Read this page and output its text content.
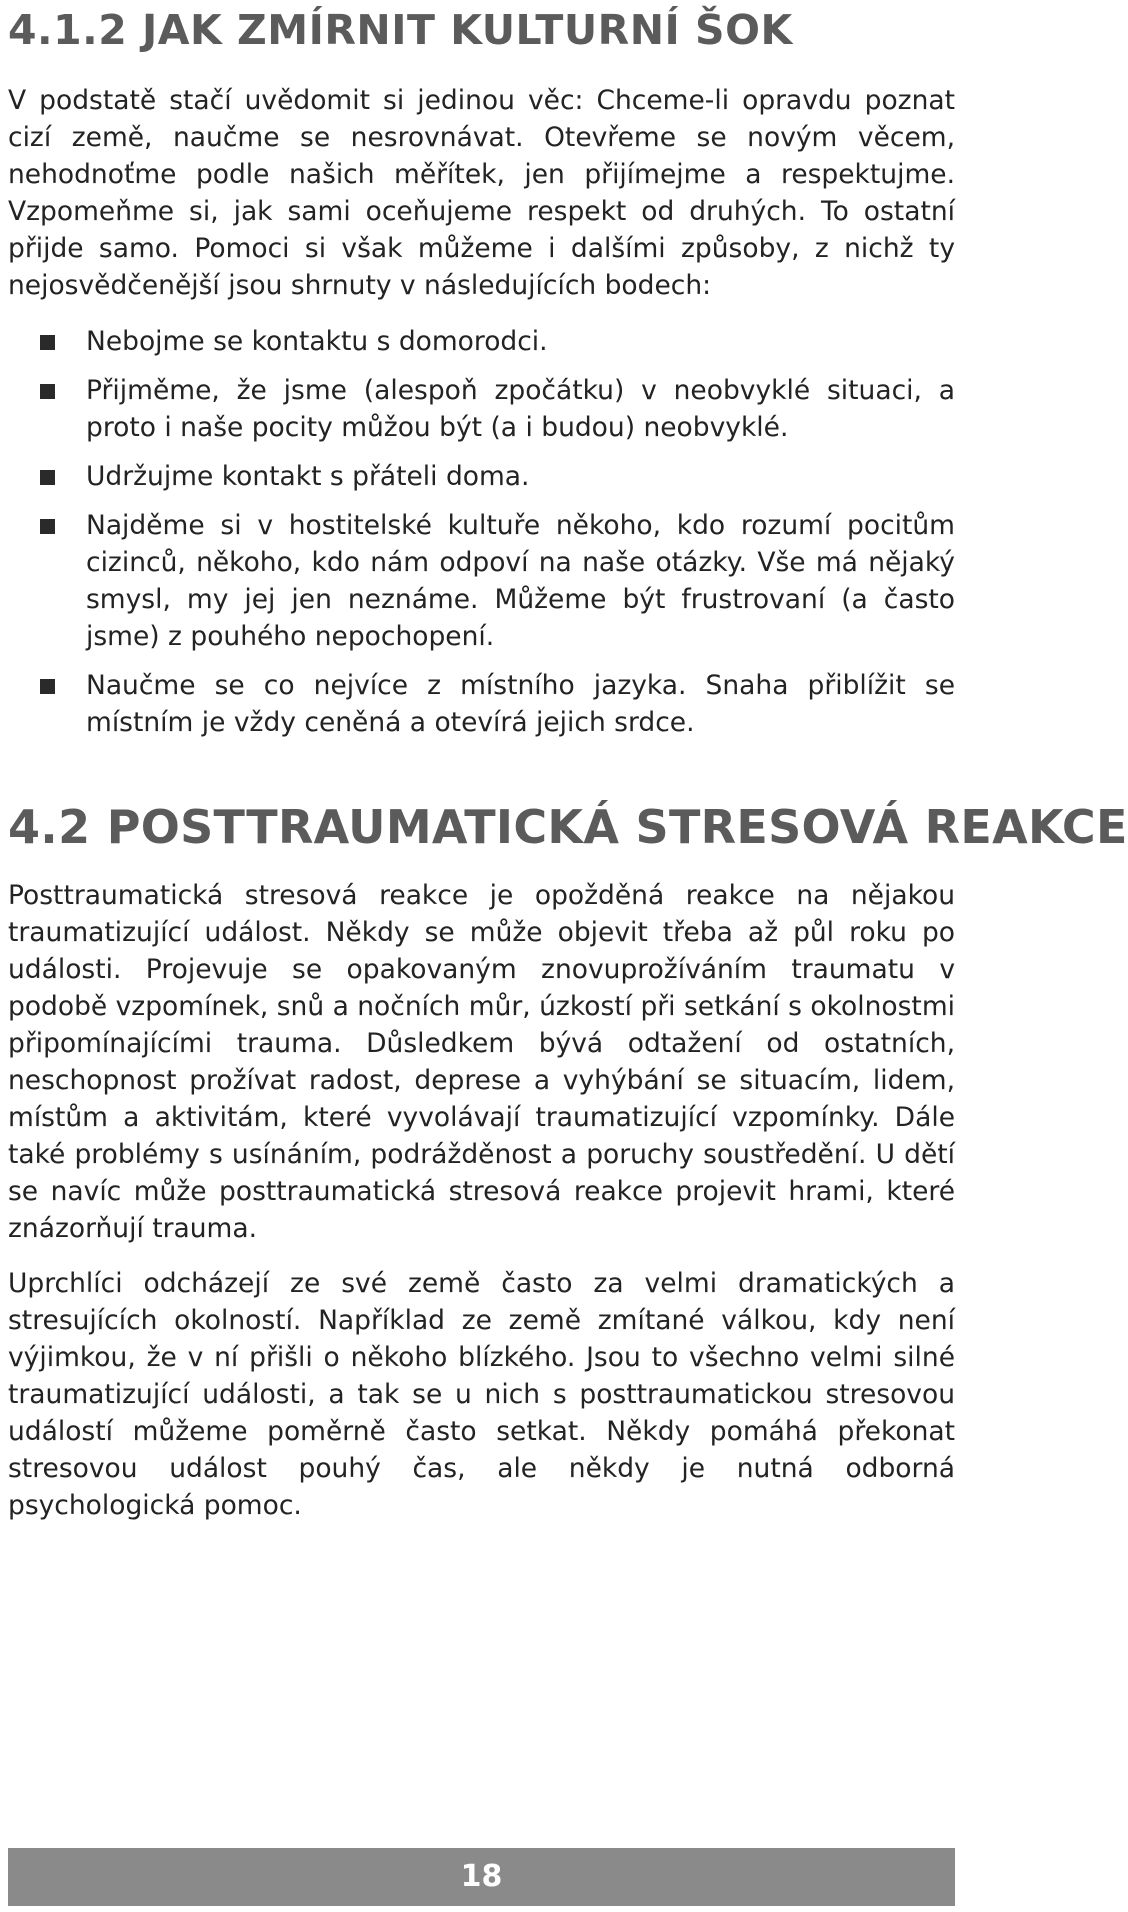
4.1.2 JAK ZMÍRNIT KULTURNÍ ŠOK

V podstatě stačí uvědomit si jedinou věc: Chceme-li opravdu poznat cizí země, naučme se nesrovnávat. Otevřeme se novým věcem, nehodnoťme podle našich měřítek, jen přijímejme a respektujme. Vzpomeňme si, jak sami oceňujeme respekt od druhých. To ostatní přijde samo. Pomoci si však můžeme i dalšími způsoby, z nichž ty nejosvědčenější jsou shrnuty v následujících bodech:

Nebojme se kontaktu s domorodci.
Přijměme, že jsme (alespoň zpočátku) v neobvyklé situaci, a proto i naše pocity můžou být (a i budou) neobvyklé.
Udržujme kontakt s přáteli doma.
Najděme si v hostitelské kultuře někoho, kdo rozumí pocitům cizinců, někoho, kdo nám odpoví na naše otázky. Vše má nějaký smysl, my jej jen neznáme. Můžeme být frustrovaní (a často jsme) z pouhého nepochopení.
Naučme se co nejvíce z místního jazyka. Snaha přiblížit se místním je vždy ceněná a otevírá jejich srdce.
4.2 POSTTRAUMATICKÁ STRESOVÁ REAKCE

Posttraumatická stresová reakce je opožděná reakce na nějakou traumatizující událost. Někdy se může objevit třeba až půl roku po události. Projevuje se opakovaným znovuprožíváním traumatu v podobě vzpomínek, snů a nočních můr, úzkostí při setkání s okolnostmi připomínajícími trauma. Důsledkem bývá odtažení od ostatních, neschopnost prožívat radost, deprese a vyhýbání se situacím, lidem, místům a aktivitám, které vyvolávají traumatizující vzpomínky. Dále také problémy s usínáním, podrážděnost a poruchy soustředění. U dětí se navíc může posttraumatická stresová reakce projevit hrami, které znázorňují trauma.

Uprchlíci odcházejí ze své země často za velmi dramatických a stresujících okolností. Například ze země zmítané válkou, kdy není výjimkou, že v ní přišli o někoho blízkého. Jsou to všechno velmi silné traumatizující události, a tak se u nich s posttraumatickou stresovou událostí můžeme poměrně často setkat. Někdy pomáhá překonat stresovou událost pouhý čas, ale někdy je nutná odborná psychologická pomoc.

18
